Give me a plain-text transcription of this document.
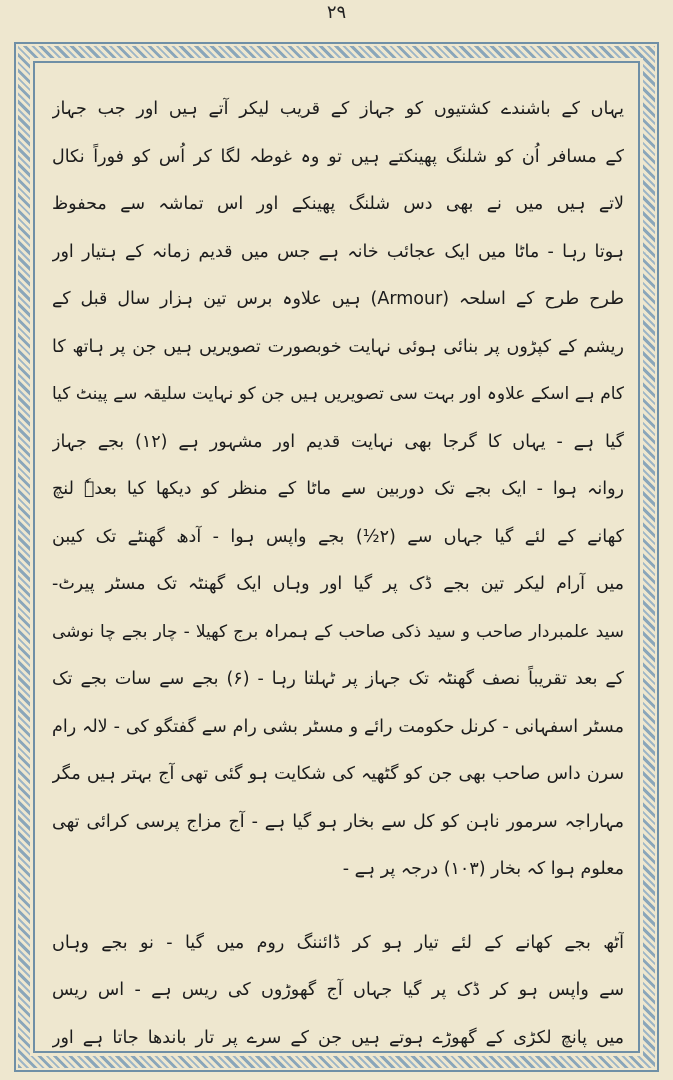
۲۹
یہاں کے باشندے کشتیوں کو جہاز کے قریب لیکر آتے ہیں اور جب جہاز
کے مسافر اُن کو شلنگ پھینکتے ہیں تو وہ غوطہ لگا کر اُس کو فوراً نکال
لاتے ہیں میں نے بھی دس شلنگ پھینکے اور اس تماشہ سے محفوظ
ہوتا رہا - ماٹا میں ایک عجائب خانہ ہے جس میں قدیم زمانہ کے ہتیار اور
طرح طرح کے اسلحہ (Armour) ہیں علاوہ برس تین ہزار سال قبل کے
ریشم کے کپڑوں پر بنائی ہوئی نہایت خوبصورت تصویریں ہیں جن پر ہاتھ کا
کام ہے اسکے علاوہ اور بہت سی تصویریں ہیں جن کو نہایت سلیقہ سے پینٹ کیا
گیا ہے - یہاں کا گرجا بھی نہایت قدیم اور مشہور ہے (۱۲) بجے جہاز
روانہ ہوا - ایک بجے تک دوربین سے ماٹا کے منظر کو دیکھا کیا بعدہٗ لنچ
کھانے کے لئے گیا جہاں سے (۲½) بجے واپس ہوا - آدھ گھنٹے تک کیبن
میں آرام لیکر تین بجے ڈک پر گیا اور وہاں ایک گھنٹہ تک مسٹر پیرٹ-
سید علمبردار صاحب و سید ذکی صاحب کے ہمراہ برج کھیلا - چار بجے چا نوشی
کے بعد تقریباً نصف گھنٹہ تک جہاز پر ٹہلتا رہا - (۶) بجے سے سات بجے تک
مسٹر اسفہانی - کرنل حکومت رائے و مسٹر بشی رام سے گفتگو کی - لالہ رام
سرن داس صاحب بھی جن کو گٹھیہ کی شکایت ہو گئی تھی آج بہتر ہیں مگر
مہاراجہ سرمور ناہن کو کل سے بخار ہو گیا ہے - آج مزاج پرسی کرائی تھی
معلوم ہوا کہ بخار (۱۰۳) درجہ پر ہے -
آٹھ بجے کھانے کے لئے تیار ہو کر ڈائننگ روم میں گیا - نو بجے وہاں
سے واپس ہو کر ڈک پر گیا جہاں آج گھوڑوں کی ریس ہے - اس ریس
میں پانچ لکڑی کے گھوڑے ہوتے ہیں جن کے سرے پر تار باندھا جاتا ہے اور
